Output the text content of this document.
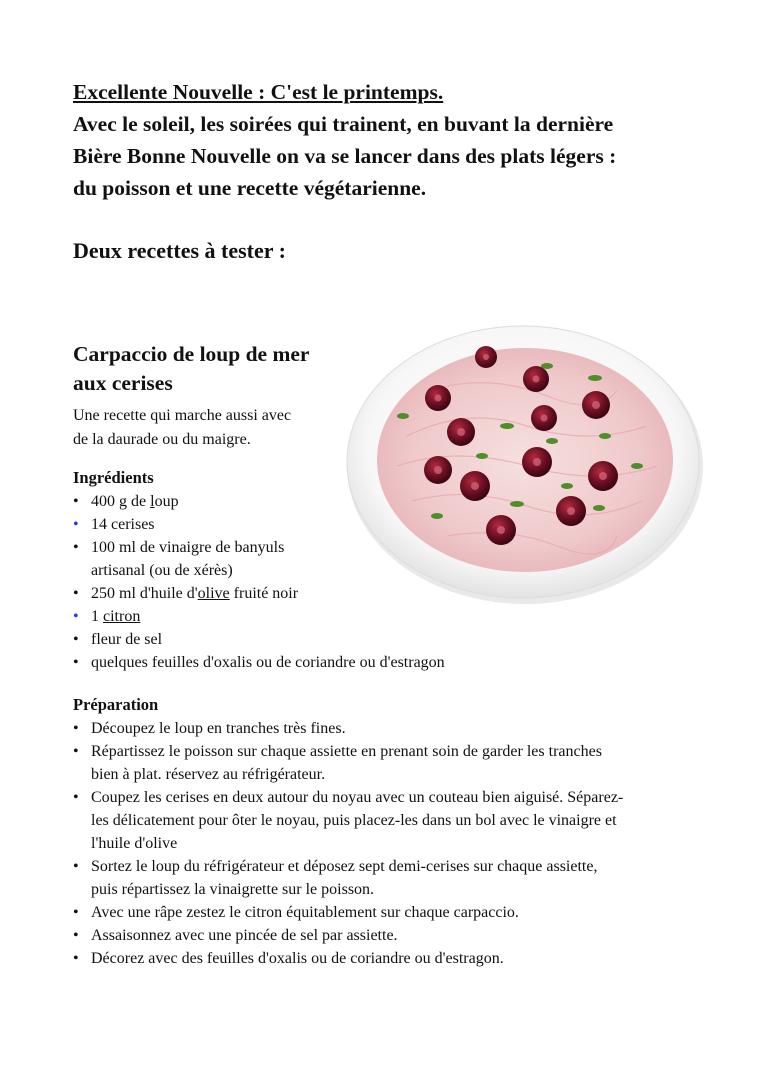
Excellente Nouvelle : C'est le printemps.
Avec le soleil, les soirées qui trainent, en buvant la dernière
Bière Bonne Nouvelle on va se lancer dans des plats légers :
du poisson et une recette végétarienne.
Deux recettes à tester :
Carpaccio de loup de mer
aux cerises
Une recette qui marche aussi avec
de la daurade ou du maigre.
Ingrédients
• 400 g de loup
• 14 cerises
• 100 ml de vinaigre de banyuls
artisanal (ou de xérès)
• 250 ml d'huile d'olive fruité noir
• 1 citron
• fleur de sel
• quelques feuilles d'oxalis ou de coriandre ou d'estragon
Préparation
• Découpez le loup en tranches très fines.
• Répartissez le poisson sur chaque assiette en prenant soin de garder les tranches
bien à plat. réservez au réfrigérateur.
• Coupez les cerises en deux autour du noyau avec un couteau bien aiguisé. Séparez-
les délicatement pour ôter le noyau, puis placez-les dans un bol avec le vinaigre et
l'huile d'olive
• Sortez le loup du réfrigérateur et déposez sept demi-cerises sur chaque assiette,
puis répartissez la vinaigrette sur le poisson.
• Avec une râpe zestez le citron équitablement sur chaque carpaccio.
• Assaisonnez avec une pincée de sel par assiette.
• Décorez avec des feuilles d'oxalis ou de coriandre ou d'estragon.
